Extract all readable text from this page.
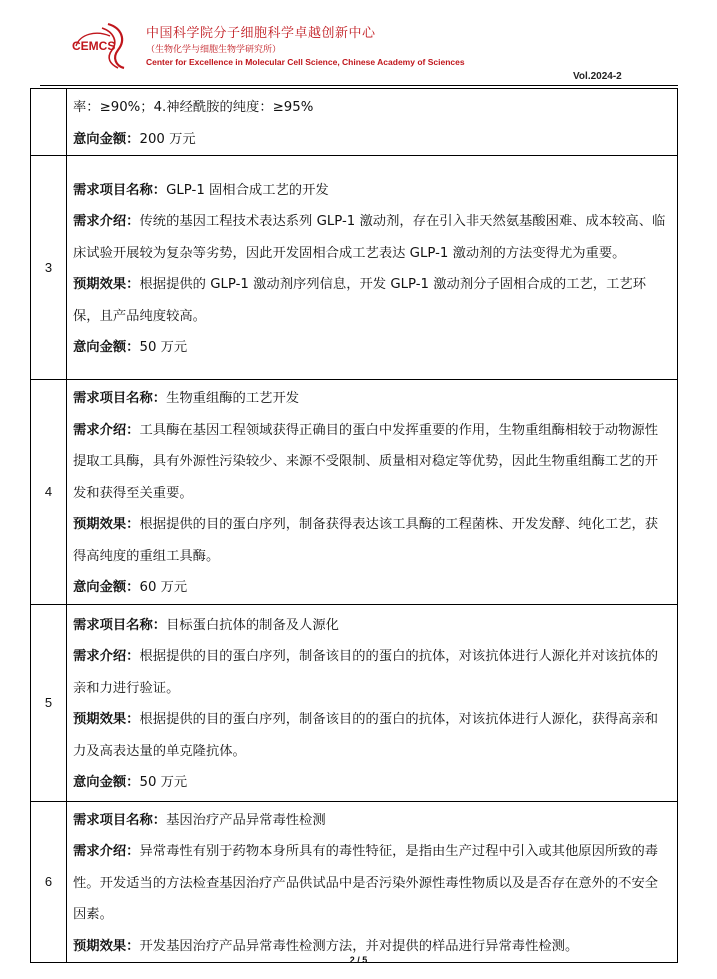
CEMCS
中国科学院分子细胞科学卓越创新中心
（生物化学与细胞生物学研究所）
Center for Excellence in Molecular Cell Science, Chinese Academy of Sciences
Vol.2024-2

	率：≥90%；4.神经酰胺的纯度：≥95%

意向金额：200 万元

3	需求项目名称：GLP-1 固相合成工艺的开发

需求介绍：传统的基因工程技术表达系列 GLP-1 激动剂，存在引入非天然氨基酸困难、成本较高、临床试验开展较为复杂等劣势，因此开发固相合成工艺表达 GLP-1 激动剂的方法变得尤为重要。

预期效果：根据提供的 GLP-1 激动剂序列信息，开发 GLP-1 激动剂分子固相合成的工艺，工艺环保，且产品纯度较高。

意向金额：50 万元

4	需求项目名称：生物重组酶的工艺开发

需求介绍：工具酶在基因工程领域获得正确目的蛋白中发挥重要的作用，生物重组酶相较于动物源性提取工具酶，具有外源性污染较少、来源不受限制、质量相对稳定等优势，因此生物重组酶工艺的开发和获得至关重要。

预期效果：根据提供的目的蛋白序列，制备获得表达该工具酶的工程菌株、开发发酵、纯化工艺，获得高纯度的重组工具酶。

意向金额：60 万元

5	需求项目名称：目标蛋白抗体的制备及人源化

需求介绍：根据提供的目的蛋白序列，制备该目的的蛋白的抗体，对该抗体进行人源化并对该抗体的亲和力进行验证。

预期效果：根据提供的目的蛋白序列，制备该目的的蛋白的抗体，对该抗体进行人源化，获得高亲和力及高表达量的单克隆抗体。

意向金额：50 万元

6	需求项目名称：基因治疗产品异常毒性检测

需求介绍：异常毒性有别于药物本身所具有的毒性特征，是指由生产过程中引入或其他原因所致的毒性。开发适当的方法检查基因治疗产品供试品中是否污染外源性毒性物质以及是否存在意外的不安全因素。

预期效果：开发基因治疗产品异常毒性检测方法，并对提供的样品进行异常毒性检测。

2 / 5
